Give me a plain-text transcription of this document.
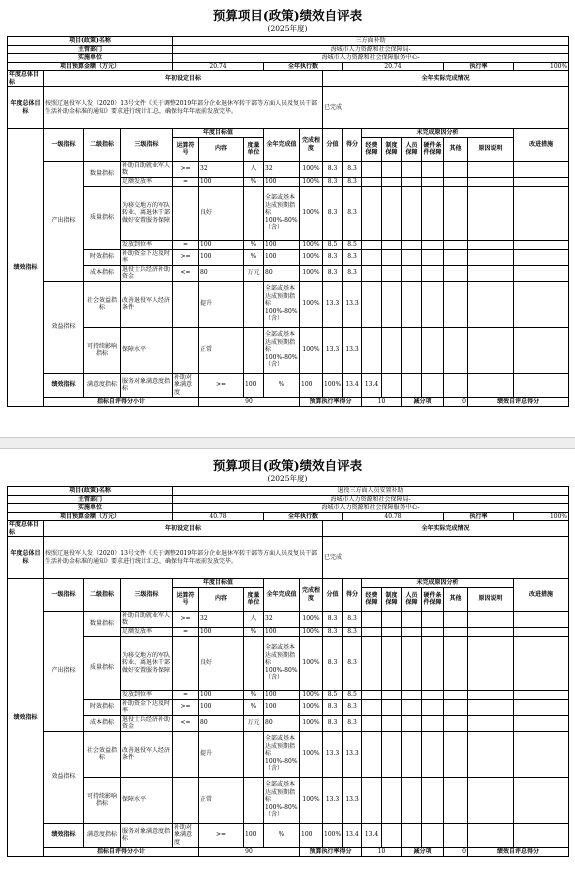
预算项目(政策)绩效自评表
(2025年度)
项目(政策)名称				三方面补助														
主管部门				海城市人力资源和社会保障局-														
实施单位				海城市人力资源和社会保障服务中心-														
项目预算金额（万元）				20.74			全年执行数			20.74					执行率		100%	
年度总体目标	年初设定目标								全年实际完成情况									
年度总体目标	按照辽退役军人发（2020）13号文件《关于调整2019年部分企业退休军转干部等方面人员及复员干部生活补助金标准的通知》要求进行统计汇总，确保每年年底前发放完毕。								已完成									
绩效指标	一级指标	二级指标	三级指标	年度目标值			全年完成值	完成程度	分值	得分	未完成原因分析						改进措施	
				运算符号	内容	度量单位					经费保障	制度保障	人员保障	硬件条件保障	其他	原因说明		
	产出指标	数量指标	补助自助就业军人数	>=	32	人	32	100%	8.3	8.3								
			足额发放率	=	100	%	100	100%	8.3	8.3								
		质量指标	为移交地方的军队转业、离退休干部做好安置服务保障		良好		全部或基本达成预期指标100%-80%（含）	100%	8.3	8.3								
			发放到位率	=	100	%	100	100%	8.5	8.5								
		时效指标	补助资金下达及时率	>=	100	%	100	100%	8.3	8.3								
		成本指标	退役士兵经济补助资金	<=	80	万元	80	100%	8.3	8.3								
	效益指标	社会效益指标	改善退役军人经济条件		提升		全部或基本达成预期指标100%-80%（含）	100%	13.3	13.3								
		可持续影响指标	保障水平		正常		全部或基本达成预期指标100%-80%（含）	100%	13.3	13.3								
	绩效指标	满意度指标	服务对象满意度指标	补助对象满意度	>=	100	%	100	100%	13.4	13.4							
	指标自评得分小计				90			预算执行率得分			10		减分项		0	绩效自评总得分	
预算项目(政策)绩效自评表
(2025年度)
项目(政策)名称				退役三方面人员安置补助														
主管部门				海城市人力资源和社会保障局-														
实施单位				海城市人力资源和社会保障服务中心-														
项目预算金额（万元）				40.78			全年执行数			40.78					执行率		100%	
年度总体目标	年初设定目标								全年实际完成情况									
年度总体目标	按照辽退役军人发（2020）13号文件《关于调整2019年部分企业退休军转干部等方面人员及复员干部生活补助金标准的通知》要求进行统计汇总，确保每年年底前发放完毕。								已完成									
绩效指标	一级指标	二级指标	三级指标	年度目标值			全年完成值	完成程度	分值	得分	未完成原因分析						改进措施	
				运算符号	内容	度量单位					经费保障	制度保障	人员保障	硬件条件保障	其他	原因说明		
	产出指标	数量指标	补助自助就业军人数	>=	32	人	32	100%	8.3	8.3								
			足额发放率	=	100	%	100	100%	8.3	8.3								
		质量指标	为移交地方的军队转业、离退休干部做好安置服务保障		良好		全部或基本达成预期指标100%-80%（含）	100%	8.3	8.3								
			发放到位率	=	100	%	100	100%	8.5	8.5								
		时效指标	补助资金下达及时率	>=	100	%	100	100%	8.3	8.3								
		成本指标	退役士兵经济补助资金	<=	80	万元	80	100%	8.3	8.3								
	效益指标	社会效益指标	改善退役军人经济条件		提升		全部或基本达成预期指标100%-80%（含）	100%	13.3	13.3								
		可持续影响指标	保障水平		正常		全部或基本达成预期指标100%-80%（含）	100%	13.3	13.3								
	绩效指标	满意度指标	服务对象满意度指标	补助对象满意度	>=	100	%	100	100%	13.4	13.4							
	指标自评得分小计				90			预算执行率得分			10		减分项		0	绩效自评总得分	
